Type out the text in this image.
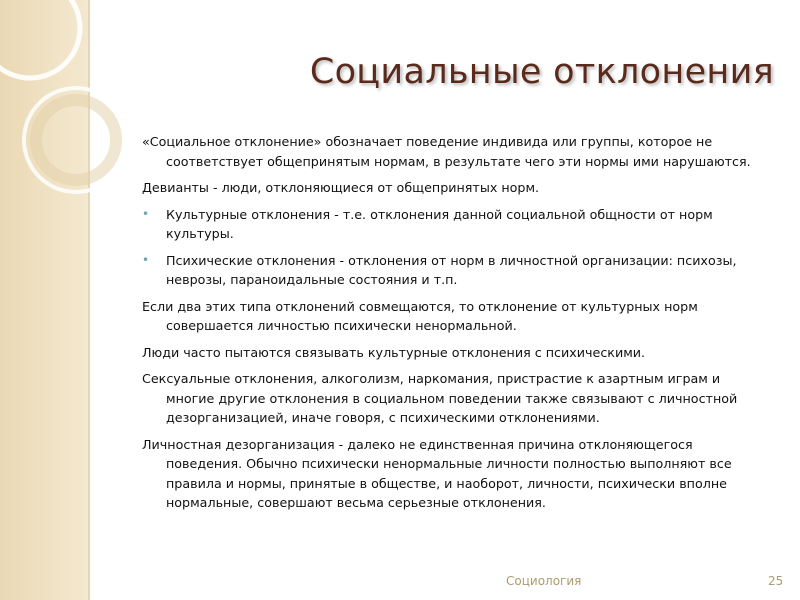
Социальные отклонения

«Социальное отклонение» обозначает поведение индивида или группы, которое не соответствует общепринятым нормам, в результате чего эти нормы ими нарушаются.

Девианты - люди, отклоняющиеся от общепринятых норм.

• Культурные отклонения - т.е. отклонения данной социальной общности от норм культуры.
• Психические отклонения - отклонения от норм в личностной организации: психозы, неврозы, параноидальные состояния и т.п.

Если два этих типа отклонений совмещаются, то отклонение от культурных норм совершается личностью психически ненормальной.

Люди часто пытаются связывать культурные отклонения с психическими.

Сексуальные отклонения, алкоголизм, наркомания, пристрастие к азартным играм и многие другие отклонения в социальном поведении также связывают с личностной дезорганизацией, иначе говоря, с психическими отклонениями.

Личностная дезорганизация - далеко не единственная причина отклоняющегося поведения. Обычно психически ненормальные личности полностью выполняют все правила и нормы, принятые в обществе, и наоборот, личности, психически вполне нормальные, совершают весьма серьезные отклонения.

Социология	25
